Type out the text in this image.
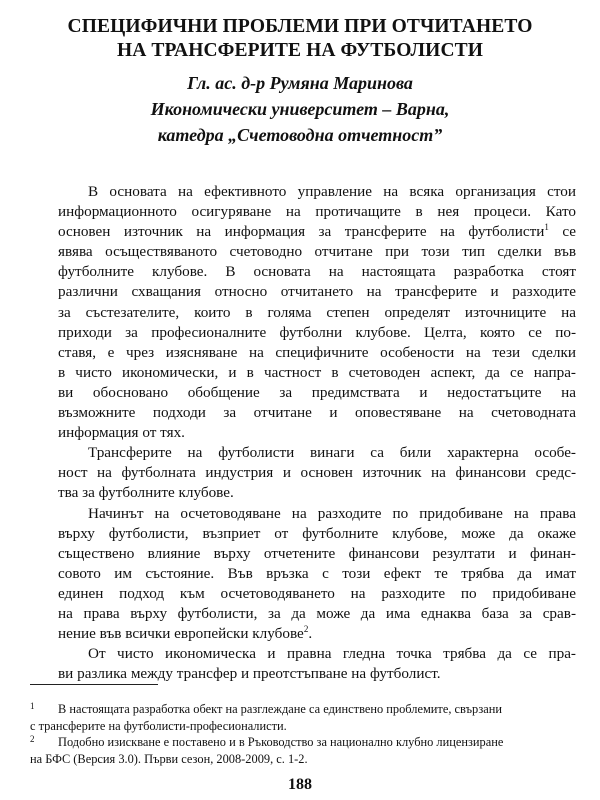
СПЕЦИФИЧНИ ПРОБЛЕМИ ПРИ ОТЧИТАНЕТО
НА ТРАНСФЕРИТЕ НА ФУТБОЛИСТИ
Гл. ас. д-р Румяна Маринова
Икономически университет – Варна,
катедра „Счетоводна отчетност”

В основата на ефективното управление на всяка организация стои
информационното осигуряване на протичащите в нея процеси. Като
основен източник на информация за трансферите на футболисти$^1$ се
явява осъществяваното счетоводно отчитане при този тип сделки във
футболните клубове. В основата на настоящата разработка стоят
различни схващания относно отчитането на трансферите и разходите
за състезателите, които в голяма степен определят източниците на
приходи за професионалните футболни клубове. Целта, която се по-
ставя, е чрез изясняване на специфичните особености на тези сделки
в чисто икономически, и в частност в счетоводен аспект, да се напра-
ви обосновано обобщение за предимствата и недостатъците на
възможните подходи за отчитане и оповестяване на счетоводната
информация от тях.

Трансферите на футболисти винаги са били характерна особе-
ност на футболната индустрия и основен източник на финансови средс-
тва за футболните клубове.

Начинът на осчетоводяване на разходите по придобиване на права
върху футболисти, възприет от футболните клубове, може да окаже
съществено влияние върху отчетените финансови резултати и финан-
совото им състояние. Във връзка с този ефект те трябва да имат
единен подход към осчетоводяването на разходите по придобиване
на права върху футболисти, за да може да има еднаква база за срав-
нение във всички европейски клубове$^2$.

От чисто икономическа и правна гледна точка трябва да се пра-
ви разлика между трансфер и преотстъпване на футболист.

1 В настоящата разработка обект на разглеждане са единствено проблемите, свързани
с трансферите на футболисти-професионалисти.
2 Подобно изискване е поставено и в Ръководство за национално клубно лицензиране
на БФС (Версия 3.0). Първи сезон, 2008-2009, с. 1-2.
188
